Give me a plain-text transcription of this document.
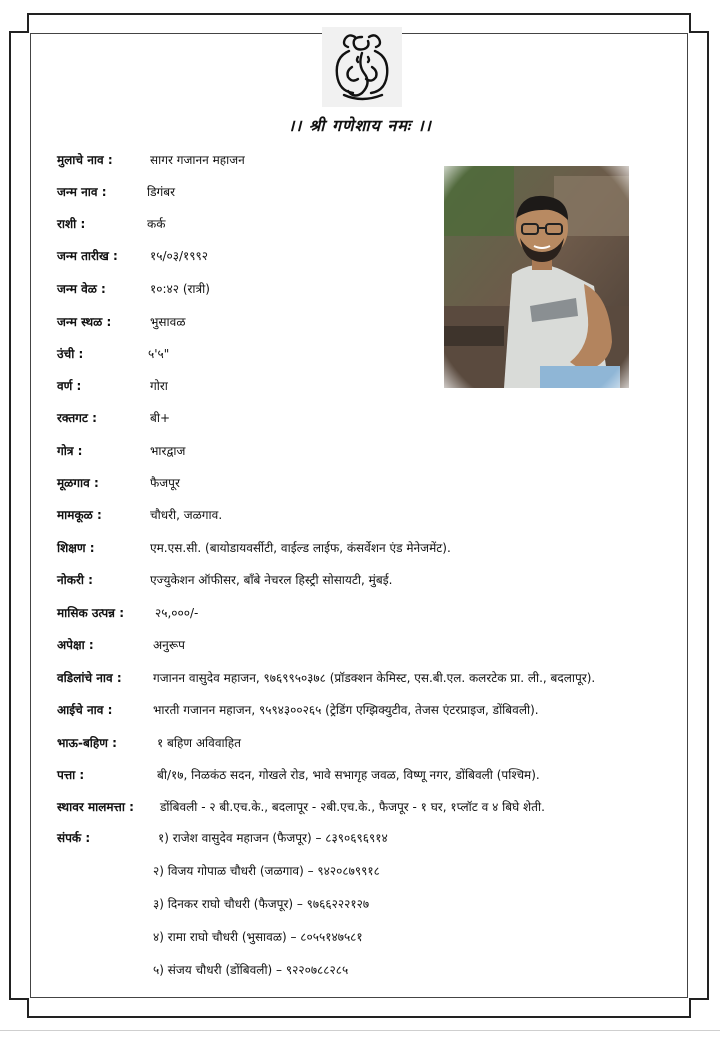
।। श्री गणेशाय नमः ।।
मुलाचे नाव :	सागर गजानन महाजन
जन्म नाव :	डिगंबर
राशी :	कर्क
जन्म तारीख :	१५/०३/१९९२
जन्म वेळ :	१०:४२ (रात्री)
जन्म स्थळ :	भुसावळ
उंची :	५'५"
वर्ण :	गोरा
रक्तगट :	बी+
गोत्र :	भारद्वाज
मूळगाव :	फैजपूर
मामकूळ :	चौधरी, जळगाव.
शिक्षण :	एम.एस.सी. (बायोडायवर्सीटी, वाईल्ड लाईफ, कंसर्वेशन एंड मेनेजमेंट).
नोकरी :	एज्युकेशन ऑफीसर, बाँबे नेचरल हिस्ट्री सोसायटी, मुंबई.
मासिक उत्पन्न :	२५,०००/-
अपेक्षा :	अनुरूप
वडिलांचे नाव :	गजानन वासुदेव महाजन, ९७६९९५०३७८ (प्रॉडक्शन केमिस्ट, एस.बी.एल. कलरटेक प्रा. ली., बदलापूर).
आईचे नाव :	भारती गजानन महाजन, ९५९४३००२६५ (ट्रेडिंग एग्झिक्युटीव, तेजस एंटरप्राइज, डोंबिवली).
भाऊ-बहिण :	१ बहिण अविवाहित
पत्ता :	बी/१७, निळकंठ सदन, गोखले रोड, भावे सभागृह जवळ, विष्णू नगर, डोंबिवली (पश्चिम).
स्थावर मालमत्ता : डोंबिवली - २ बी.एच.के., बदलापूर - २बी.एच.के., फैजपूर - १ घर, १प्लॉट व ४ बिघे शेती.
संपर्क :	१) राजेश वासुदेव महाजन (फैजपूर) – ८३९०६९६९१४
२) विजय गोपाळ चौधरी (जळगाव) – ९४२०८७९९१८
३) दिनकर राघो चौधरी (फैजपूर) – ९७६६२२२१२७
४) रामा राघो चौधरी (भुसावळ) – ८०५५१४७५८१
५) संजय चौधरी (डोंबिवली) – ९२२०७८८२८५
